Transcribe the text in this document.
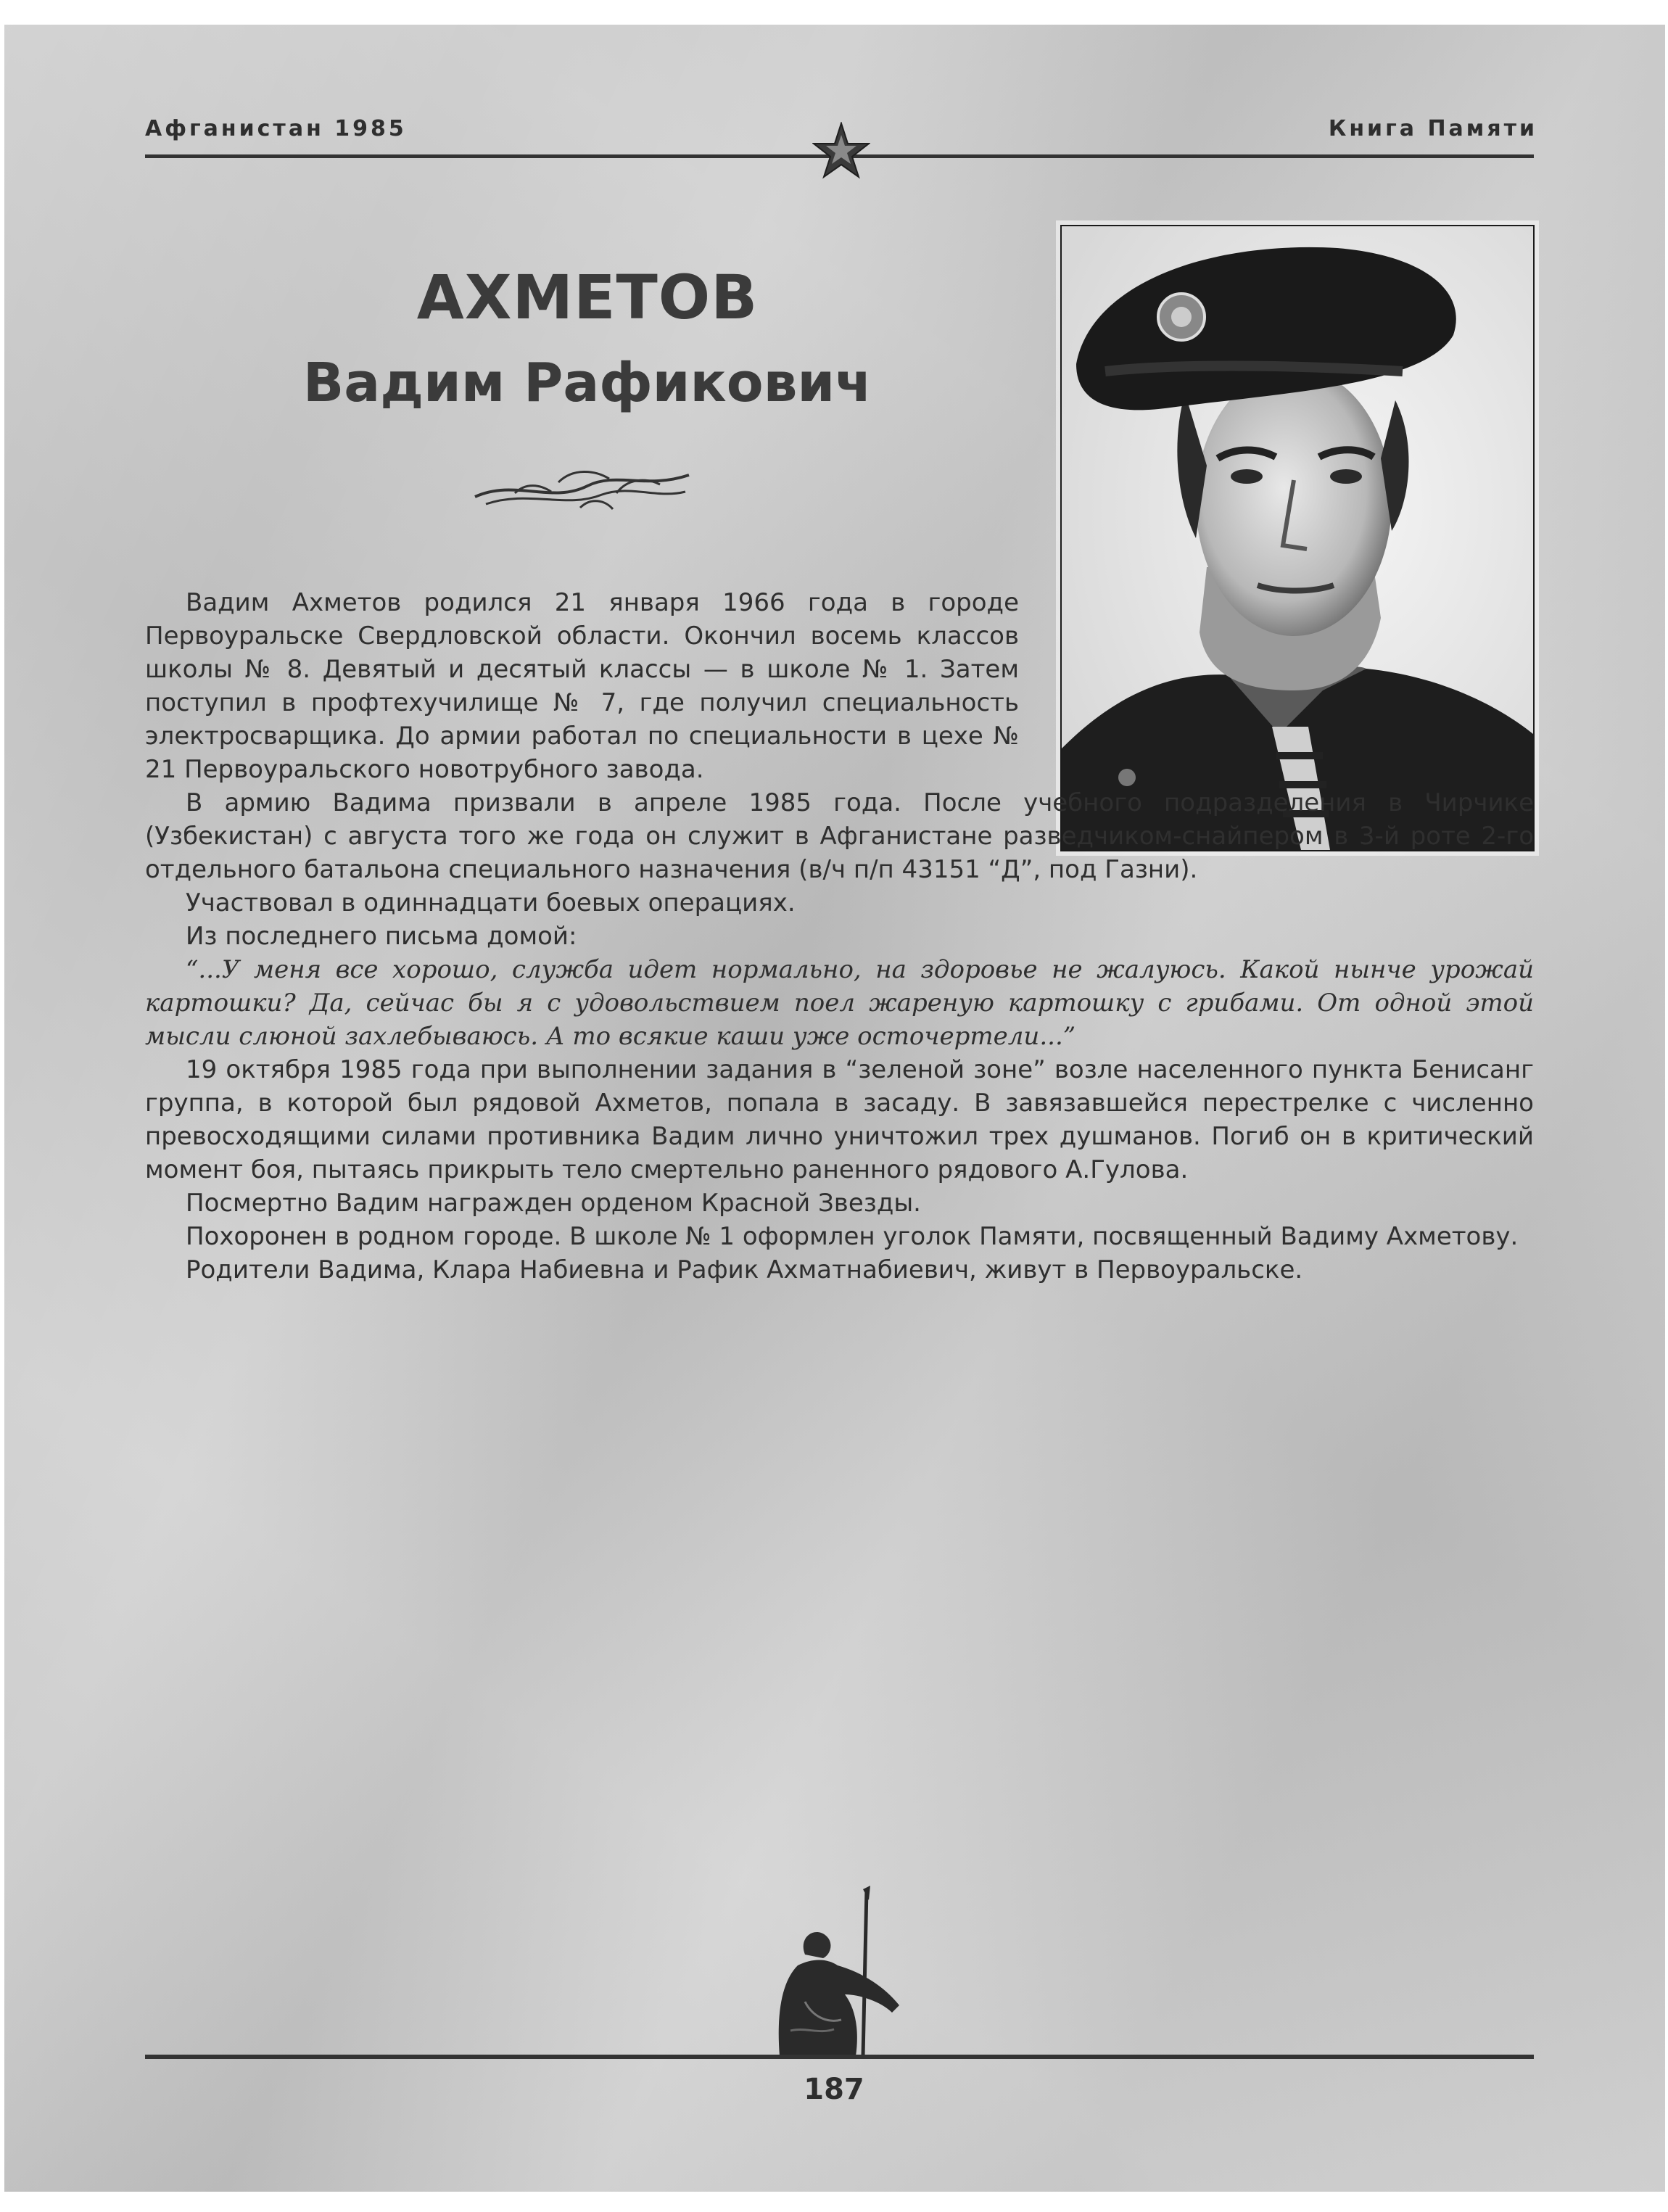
Афганистан 1985	Книга Памяти
АХМЕТОВ
Вадим Рафикович

Вадим Ахметов родился 21 января 1966 года в городе Первоуральске Свердловской области. Окончил восемь классов школы № 8. Девятый и десятый классы — в школе № 1. Затем поступил в профтехучилище № 7, где получил специальность электросварщика. До армии работал по специальности в цехе № 21 Первоуральского новотрубного завода.

В армию Вадима призвали в апреле 1985 года. После учебного подразделения в Чирчике (Узбекистан) с августа того же года он служит в Афганистане разведчиком-снайпером в 3-й роте 2-го отдельного батальона специального назначения (в/ч п/п 43151 “Д”, под Газни).

Участвовал в одиннадцати боевых операциях.

Из последнего письма домой:

“...У меня все хорошо, служба идет нормально, на здоровье не жалуюсь. Какой нынче урожай картошки? Да, сейчас бы я с удовольствием поел жареную картошку с грибами. От одной этой мысли слюной захлебываюсь. А то всякие каши уже осточертели...”

19 октября 1985 года при выполнении задания в “зеленой зоне” возле населенного пункта Бенисанг группа, в которой был рядовой Ахметов, попала в засаду. В завязавшейся перестрелке с численно превосходящими силами противника Вадим лично уничтожил трех душманов. Погиб он в критический момент боя, пытаясь прикрыть тело смертельно раненного рядового А.Гулова.

Посмертно Вадим награжден орденом Красной Звезды.

Похоронен в родном городе. В школе № 1 оформлен уголок Памяти, посвященный Вадиму Ахметову.

Родители Вадима, Клара Набиевна и Рафик Ахматнабиевич, живут в Первоуральске.

187
